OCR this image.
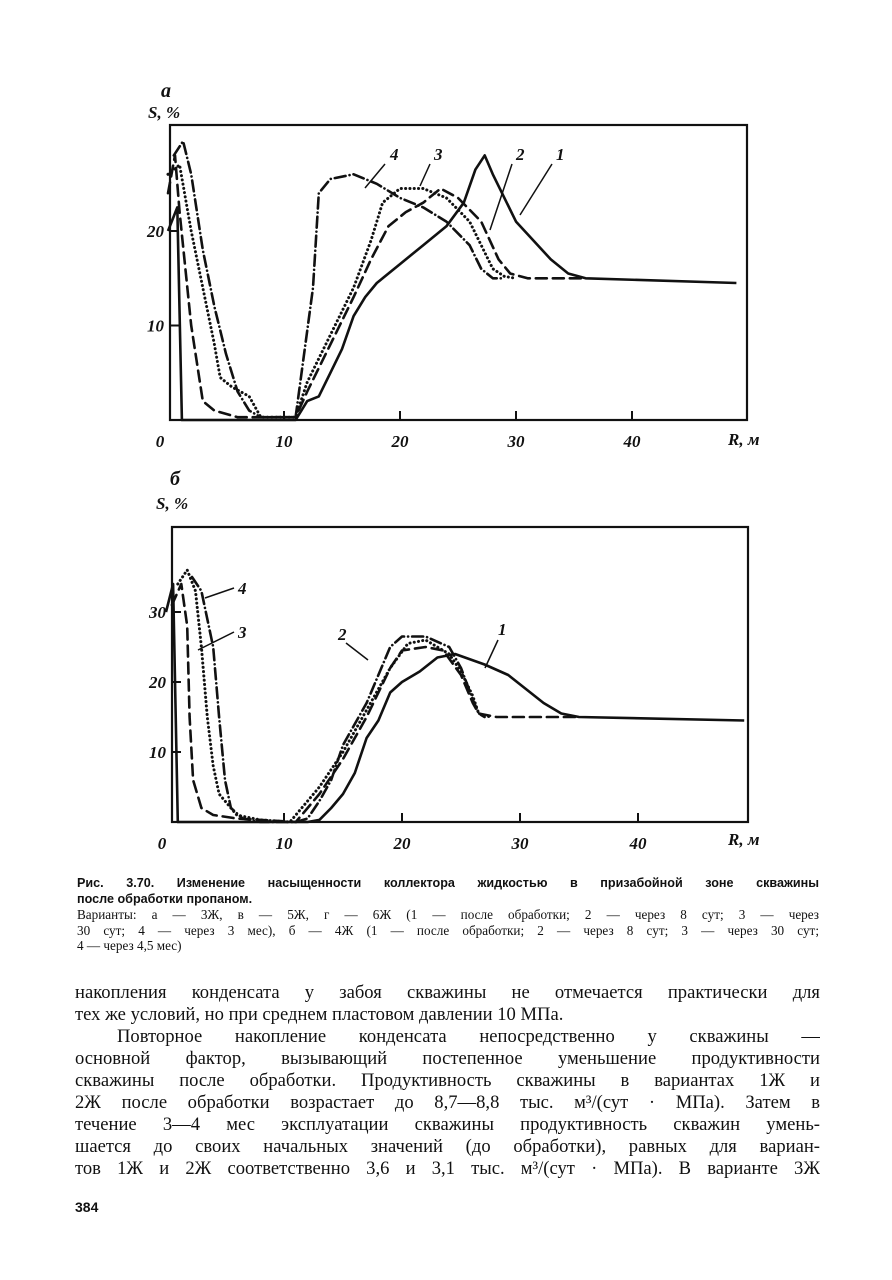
а
S, %
R, м
б
S, %
R, м
10
20
0	10	20	30	40
4 3	2 1
10
20
30
0	10	20	30	40
4
3	2	1
Рис. 3.70. Изменение насыщенности коллектора жидкостью в призабойной зоне скважины
после обработки пропаном.
Варианты: а — 3Ж, в — 5Ж, г — 6Ж (1 — после обработки; 2 — через 8 сут; 3 — через
30 сут; 4 — через 3 мес), б — 4Ж (1 — после обработки; 2 — через 8 сут; 3 — через 30 сут;
4 — через 4,5 мес)
накопления конденсата у забоя скважины не отмечается практически для
тех же условий, но при среднем пластовом давлении 10 МПа.
Повторное накопление конденсата непосредственно у скважины —
основной фактор, вызывающий постепенное уменьшение продуктивности
скважины после обработки. Продуктивность скважины в вариантах 1Ж и
2Ж после обработки возрастает до 8,7—8,8 тыс. м³/(сут · МПа). Затем в
течение 3—4 мес эксплуатации скважины продуктивность скважин умень-
шается до своих начальных значений (до обработки), равных для вариан-
тов 1Ж и 2Ж соответственно 3,6 и 3,1 тыс. м³/(сут · МПа). В варианте 3Ж
384
